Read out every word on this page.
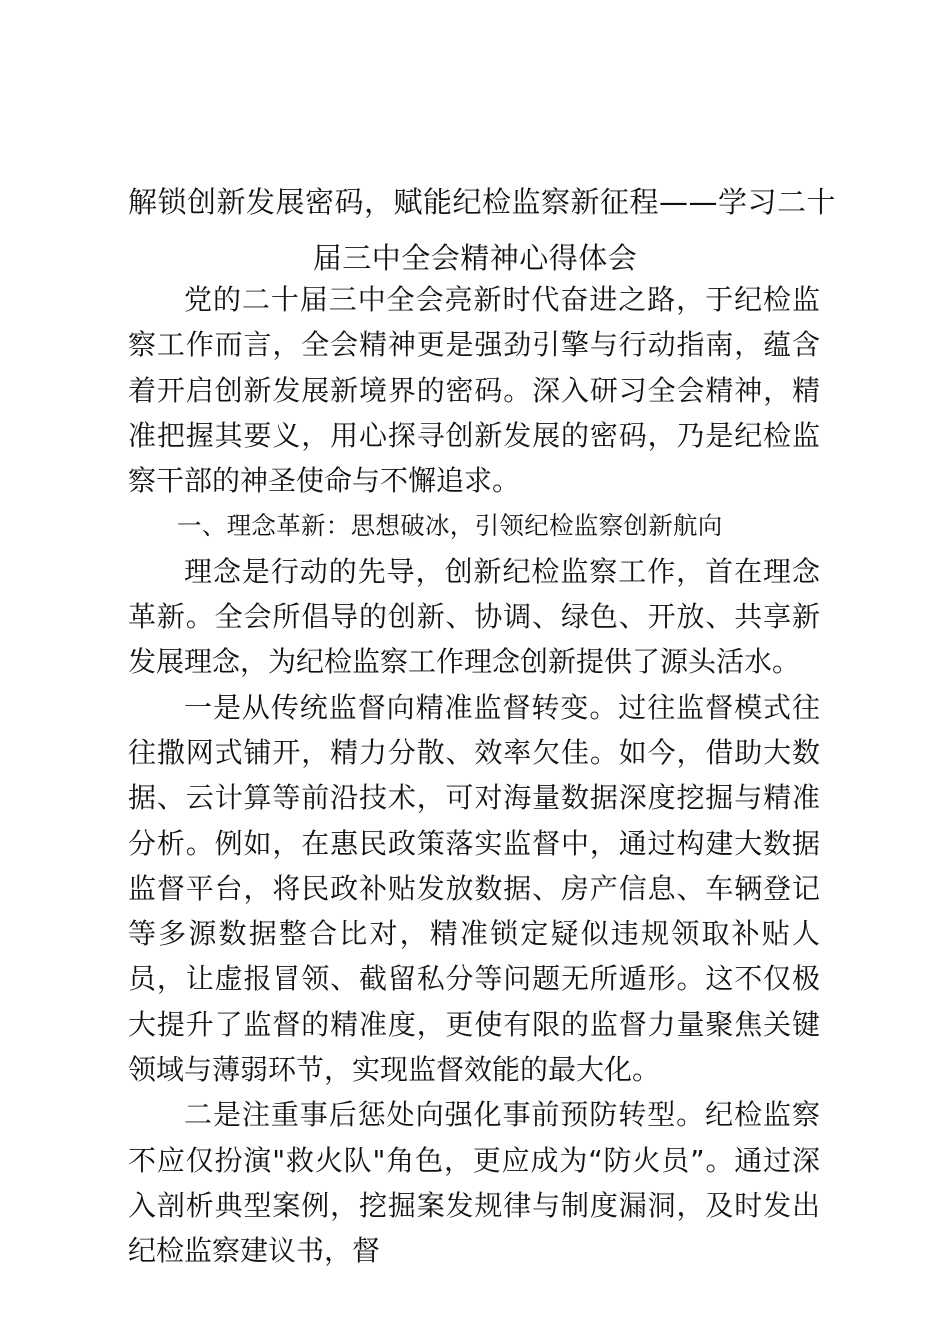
解锁创新发展密码，赋能纪检监察新征程——学习二十
届三中全会精神心得体会

党的二十届三中全会亮新时代奋进之路，于纪检监察工作而言，全会精神更是强劲引擎与行动指南，蕴含着开启创新发展新境界的密码。深入研习全会精神，精准把握其要义，用心探寻创新发展的密码，乃是纪检监察干部的神圣使命与不懈追求。

一、理念革新：思想破冰，引领纪检监察创新航向

理念是行动的先导，创新纪检监察工作，首在理念革新。全会所倡导的创新、协调、绿色、开放、共享新发展理念，为纪检监察工作理念创新提供了源头活水。

一是从传统监督向精准监督转变。过往监督模式往往撒网式铺开，精力分散、效率欠佳。如今，借助大数据、云计算等前沿技术，可对海量数据深度挖掘与精准分析。例如，在惠民政策落实监督中，通过构建大数据监督平台，将民政补贴发放数据、房产信息、车辆登记等多源数据整合比对，精准锁定疑似违规领取补贴人员，让虚报冒领、截留私分等问题无所遁形。这不仅极大提升了监督的精准度，更使有限的监督力量聚焦关键领域与薄弱环节，实现监督效能的最大化。

二是注重事后惩处向强化事前预防转型。纪检监察不应仅扮演"救火队"角色，更应成为“防火员”。通过深入剖析典型案例，挖掘案发规律与制度漏洞，及时发出纪检监察建议书，督
